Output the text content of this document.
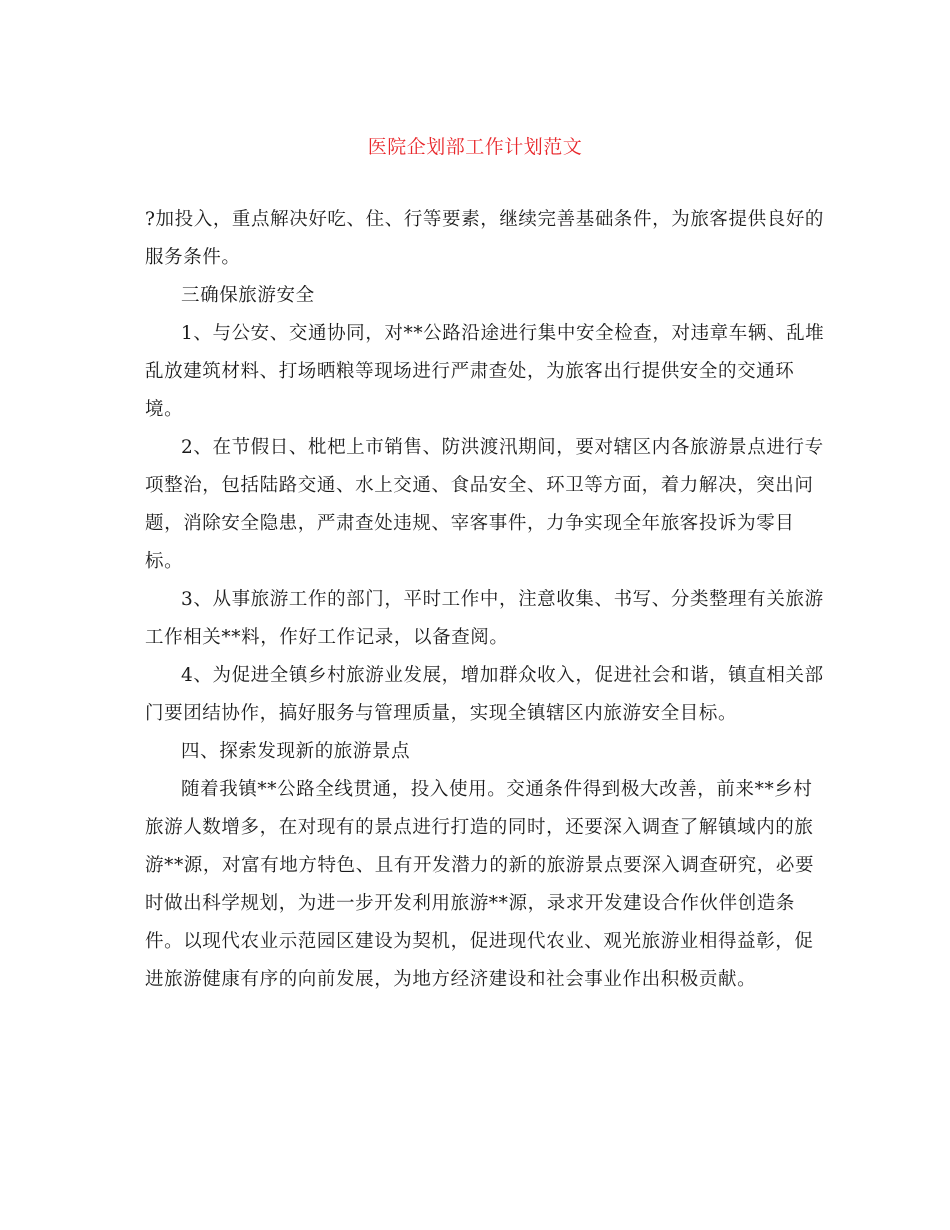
医院企划部工作计划范文
?加投入，重点解决好吃、住、行等要素，继续完善基础条件，为旅客提供良好的
服务条件。
三确保旅游安全
1、与公安、交通协同，对**公路沿途进行集中安全检查，对违章车辆、乱堆
乱放建筑材料、打场晒粮等现场进行严肃查处，为旅客出行提供安全的交通环
境。
2、在节假日、枇杷上市销售、防洪渡汛期间，要对辖区内各旅游景点进行专
项整治，包括陆路交通、水上交通、食品安全、环卫等方面，着力解决，突出问
题，消除安全隐患，严肃查处违规、宰客事件，力争实现全年旅客投诉为零目
标。
3、从事旅游工作的部门，平时工作中，注意收集、书写、分类整理有关旅游
工作相关**料，作好工作记录，以备查阅。
4、为促进全镇乡村旅游业发展，增加群众收入，促进社会和谐，镇直相关部
门要团结协作，搞好服务与管理质量，实现全镇辖区内旅游安全目标。
四、探索发现新的旅游景点
随着我镇**公路全线贯通，投入使用。交通条件得到极大改善，前来**乡村
旅游人数增多，在对现有的景点进行打造的同时，还要深入调查了解镇域内的旅
游**源，对富有地方特色、且有开发潜力的新的旅游景点要深入调查研究，必要
时做出科学规划，为进一步开发利用旅游**源，录求开发建设合作伙伴创造条
件。以现代农业示范园区建设为契机，促进现代农业、观光旅游业相得益彰，促
进旅游健康有序的向前发展，为地方经济建设和社会事业作出积极贡献。
